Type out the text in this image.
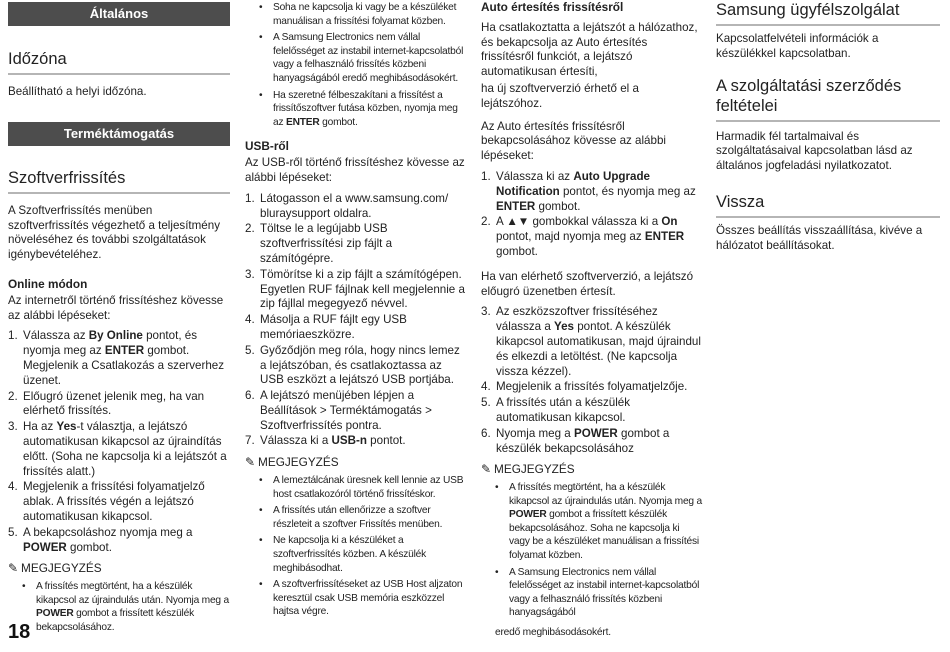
Általános
Időzóna

Beállítható a helyi időzóna.

Terméktámogatás
Szoftverfrissítés

A Szoftverfrissítés menüben szoftverfrissítés végezhető a teljesítmény növeléséhez és további szolgáltatások igénybevételéhez.

Online módon

Az internetről történő frissítéshez kövesse az alábbi lépéseket:

1. Válassza az By Online pontot, és nyomja meg az ENTER gombot. Megjelenik a Csatlakozás a szerverhez üzenet.
2. Előugró üzenet jelenik meg, ha van elérhető frissítés.
3. Ha az Yes-t választja, a lejátszó automatikusan kikapcsol az újraindítás előtt. (Soha ne kapcsolja ki a lejátszót a frissítés alatt.)
4. Megjelenik a frissítési folyamatjelző ablak. A frissítés végén a lejátszó automatikusan kikapcsol.
5. A bekapcsoláshoz nyomja meg a POWER gombot.
✎ MEGJEGYZÉS
• A frissítés megtörtént, ha a készülék kikapcsol az újraindulás után. Nyomja meg a POWER gombot a frissített készülék bekapcsolásához.
• Soha ne kapcsolja ki vagy be a készüléket manuálisan a frissítési folyamat közben.
• A Samsung Electronics nem vállal felelősséget az instabil internet-kapcsolatból vagy a felhasználó frissítés közbeni hanyagságából eredő meghibásodásokért.
• Ha szeretné félbeszakítani a frissítést a frissítőszoftver futása közben, nyomja meg az ENTER gombot.
USB-ről

Az USB-ről történő frissítéshez kövesse az alábbi lépéseket:

1. Látogasson el a www.samsung.com/ bluraysupport oldalra.
2. Töltse le a legújabb USB szoftverfrissítési zip fájlt a számítógépre.
3. Tömörítse ki a zip fájlt a számítógépen. Egyetlen RUF fájlnak kell megjelennie a zip fájllal megegyező névvel.
4. Másolja a RUF fájlt egy USB memóriaeszközre.
5. Győződjön meg róla, hogy nincs lemez a lejátszóban, és csatlakoztassa az USB eszközt a lejátszó USB portjába.
6. A lejátszó menüjében lépjen a Beállítások > Terméktámogatás > Szoftverfrissítés pontra.
7. Válassza ki a USB-n pontot.
✎ MEGJEGYZÉS
• A lemeztálcának üresnek kell lennie az USB host csatlakozóról történő frissítéskor.
• A frissítés után ellenőrizze a szoftver részleteit a szoftver Frissítés menüben.
• Ne kapcsolja ki a készüléket a szoftverfrissítés közben. A készülék meghibásodhat.
• A szoftverfrissítéseket az USB Host aljzaton keresztül csak USB memória eszközzel hajtsa végre.
Auto értesítés frissítésről

Ha csatlakoztatta a lejátszót a hálózathoz, és bekapcsolja az Auto értesítés frissítésről funkciót, a lejátszó automatikusan értesíti,

ha új szoftververzió érhető el a lejátszóhoz.

Az Auto értesítés frissítésről bekapcsolásához kövesse az alábbi lépéseket:

1. Válassza ki az Auto Upgrade Notification pontot, és nyomja meg az ENTER gombot.
2. A ▲▼ gombokkal válassza ki a On pontot, majd nyomja meg az ENTER gombot.

Ha van elérhető szoftververzió, a lejátszó előugró üzenetben értesít.

3. Az eszközszoftver frissítéséhez válassza a Yes pontot. A készülék kikapcsol automatikusan, majd újraindul és elkezdi a letöltést. (Ne kapcsolja vissza kézzel).
4. Megjelenik a frissítés folyamatjelzője.
5. A frissítés után a készülék automatikusan kikapcsol.
6. Nyomja meg a POWER gombot a készülék bekapcsolásához
✎ MEGJEGYZÉS
• A frissítés megtörtént, ha a készülék kikapcsol az újraindulás után. Nyomja meg a POWER gombot a frissített készülék bekapcsolásához. Soha ne kapcsolja ki vagy be a készüléket manuálisan a frissítési folyamat közben.
• A Samsung Electronics nem vállal felelősséget az instabil internet-kapcsolatból vagy a felhasználó frissítés közbeni hanyagságából
eredő meghibásodásokért.
Samsung ügyfélszolgálat

Kapcsolatfelvételi információk a készülékkel kapcsolatban.

A szolgáltatási szerződés feltételei

Harmadik fél tartalmaival és szolgáltatásaival kapcsolatban lásd az általános jogfeladási nyilatkozatot.

Vissza

Összes beállítás visszaállítása, kivéve a hálózatot beállításokat.

18
